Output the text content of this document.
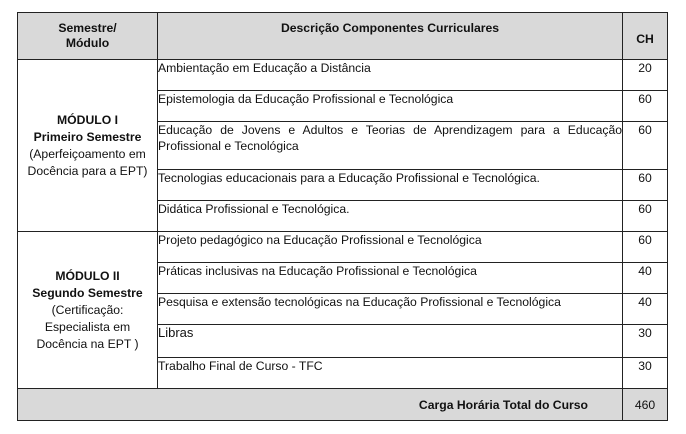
Semestre/
Módulo	Descrição Componentes Curriculares	CH

MÓDULO I
Primeiro Semestre
(Aperfeiçoamento em Docência para a EPT)	Ambientação em Educação a Distância	20
	Epistemologia da Educação Profissional e Tecnológica	60
	Educação de Jovens e Adultos e Teorias de Aprendizagem para a Educação Profissional e Tecnológica	60
	Tecnologias educacionais para a Educação Profissional e Tecnológica.	60
	Didática Profissional e Tecnológica.	60

MÓDULO II
Segundo Semestre
(Certificação: Especialista em Docência na EPT )	Projeto pedagógico na Educação Profissional e Tecnológica	60
	Práticas inclusivas na Educação Profissional e Tecnológica	40
	Pesquisa e extensão tecnológicas na Educação Profissional e Tecnológica	40
	Libras	30
	Trabalho Final de Curso - TFC	30
Carga Horária Total do Curso		460
